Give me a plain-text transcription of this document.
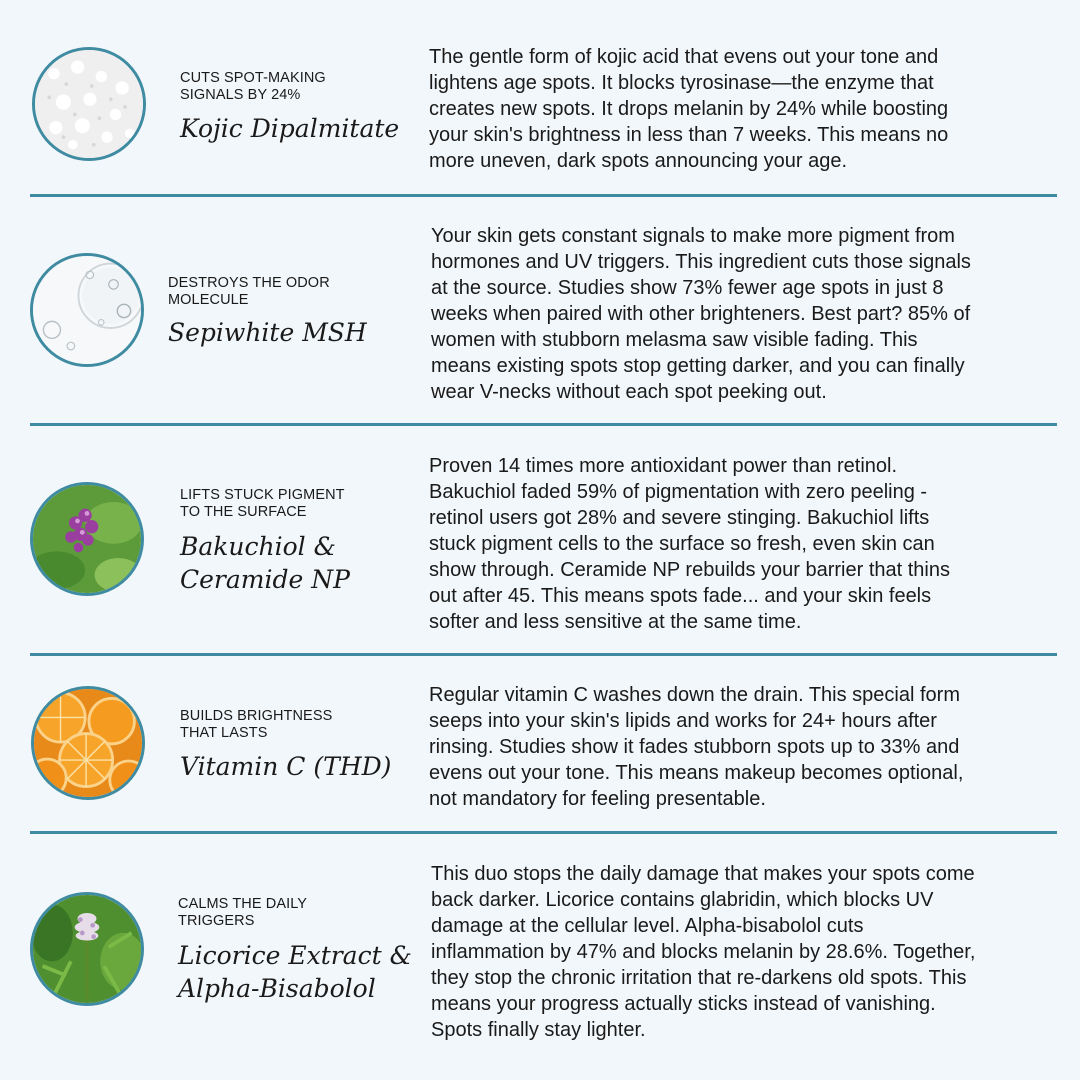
CUTS SPOT-MAKING
SIGNALS BY 24%
Kojic Dipalmitate
The gentle form of kojic acid that evens out your tone and
lightens age spots. It blocks tyrosinase—the enzyme that
creates new spots. It drops melanin by 24% while boosting
your skin's brightness in less than 7 weeks. This means no
more uneven, dark spots announcing your age.
DESTROYS THE ODOR
MOLECULE
Sepiwhite MSH
Your skin gets constant signals to make more pigment from
hormones and UV triggers. This ingredient cuts those signals
at the source. Studies show 73% fewer age spots in just 8
weeks when paired with other brighteners. Best part? 85% of
women with stubborn melasma saw visible fading. This
means existing spots stop getting darker, and you can finally
wear V-necks without each spot peeking out.
LIFTS STUCK PIGMENT
TO THE SURFACE
Bakuchiol &
Ceramide NP
Proven 14 times more antioxidant power than retinol.
Bakuchiol faded 59% of pigmentation with zero peeling -
retinol users got 28% and severe stinging. Bakuchiol lifts
stuck pigment cells to the surface so fresh, even skin can
show through. Ceramide NP rebuilds your barrier that thins
out after 45. This means spots fade... and your skin feels
softer and less sensitive at the same time.
BUILDS BRIGHTNESS
THAT LASTS
Vitamin C (THD)
Regular vitamin C washes down the drain. This special form
seeps into your skin's lipids and works for 24+ hours after
rinsing. Studies show it fades stubborn spots up to 33% and
evens out your tone. This means makeup becomes optional,
not mandatory for feeling presentable.
CALMS THE DAILY
TRIGGERS
Licorice Extract &
Alpha-Bisabolol
This duo stops the daily damage that makes your spots come
back darker. Licorice contains glabridin, which blocks UV
damage at the cellular level. Alpha-bisabolol cuts
inflammation by 47% and blocks melanin by 28.6%. Together,
they stop the chronic irritation that re-darkens old spots. This
means your progress actually sticks instead of vanishing.
Spots finally stay lighter.
